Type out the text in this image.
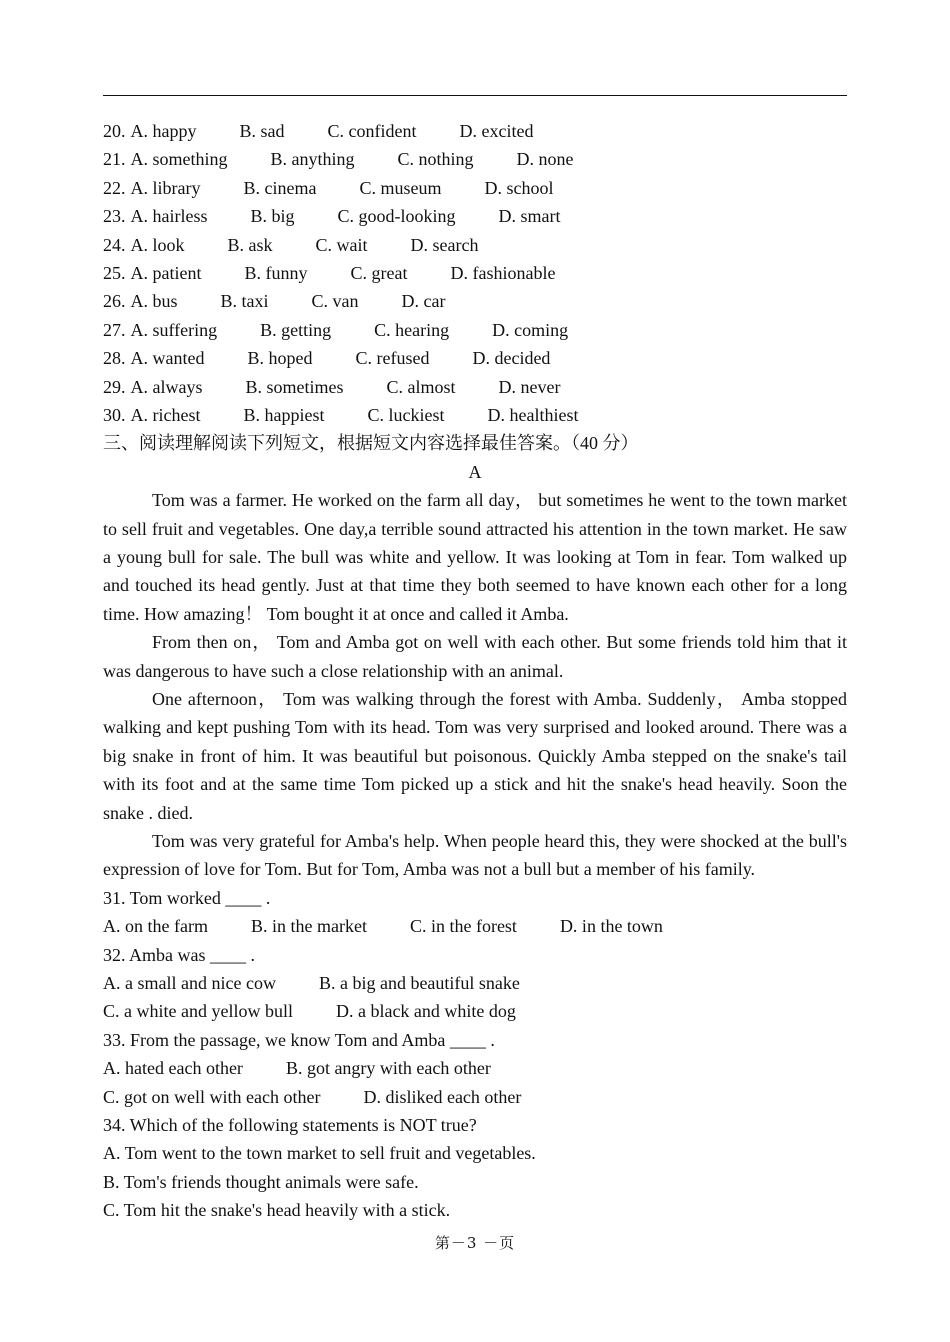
20. A. happy B. sad C. confident D. excited
21. A. something B. anything C. nothing D. none
22. A. library B. cinema C. museum D. school
23. A. hairless B. big C. good-looking D. smart
24. A. look B. ask C. wait D. search
25. A. patient B. funny C. great D. fashionable
26. A. bus B. taxi C. van D. car
27. A. suffering B. getting C. hearing D. coming
28. A. wanted B. hoped C. refused D. decided
29. A. always B. sometimes C. almost D. never
30. A. richest B. happiest C. luckiest D. healthiest
三、阅读理解阅读下列短文，根据短文内容选择最佳答案。（40 分）
A

Tom was a farmer. He worked on the farm all day， but sometimes he went to the town market to sell fruit and vegetables. One day,a terrible sound attracted his attention in the town market. He saw a young bull for sale. The bull was white and yellow. It was looking at Tom in fear. Tom walked up and touched its head gently. Just at that time they both seemed to have known each other for a long time. How amazing！ Tom bought it at once and called it Amba.

From then on， Tom and Amba got on well with each other. But some friends told him that it was dangerous to have such a close relationship with an animal.

One afternoon， Tom was walking through the forest with Amba. Suddenly， Amba stopped walking and kept pushing Tom with its head. Tom was very surprised and looked around. There was a big snake in front of him. It was beautiful but poisonous. Quickly Amba stepped on the snake's tail with its foot and at the same time Tom picked up a stick and hit the snake's head heavily. Soon the snake . died.

Tom was very grateful for Amba's help. When people heard this, they were shocked at the bull's expression of love for Tom. But for Tom, Amba was not a bull but a member of his family.

31. Tom worked ____ .
A. on the farm B. in the market C. in the forest D. in the town
32. Amba was ____ .
A. a small and nice cow B. a big and beautiful snake
C. a white and yellow bull D. a black and white dog
33. From the passage, we know Tom and Amba ____ .
A. hated each other B. got angry with each other
C. got on well with each other D. disliked each other
34. Which of the following statements is NOT true?
A. Tom went to the town market to sell fruit and vegetables.
B. Tom's friends thought animals were safe.
C. Tom hit the snake's head heavily with a stick.
第－3 －页
